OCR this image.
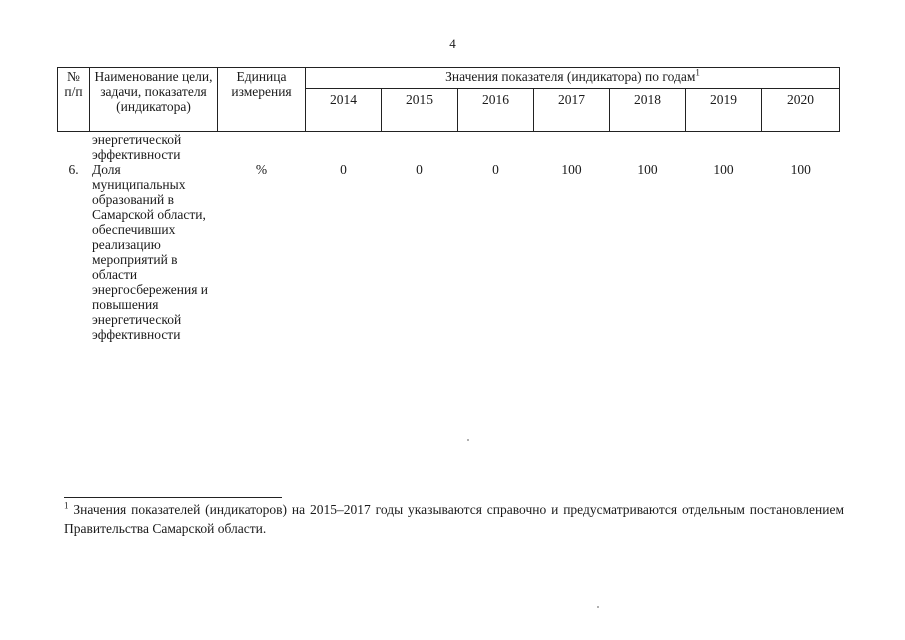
4
№ п/п	Наименование цели, задачи, показателя (индикатора)	Единица измерения	Значения показателя (индикатора) по годам$^1$
			2014	2015	2016	2017	2018	2019	2020

	энергетической эффективности								

6.	Доля муниципальных образований в Самарской области, обеспечивших реализацию мероприятий в области энергосбережения и повышения энергетической эффективности	%	0	0	0	100	100	100	100
$^1$ Значения показателей (индикаторов) на 2015–2017 годы указываются справочно и предусматриваются отдельным постановлением Правительства Самарской области.
